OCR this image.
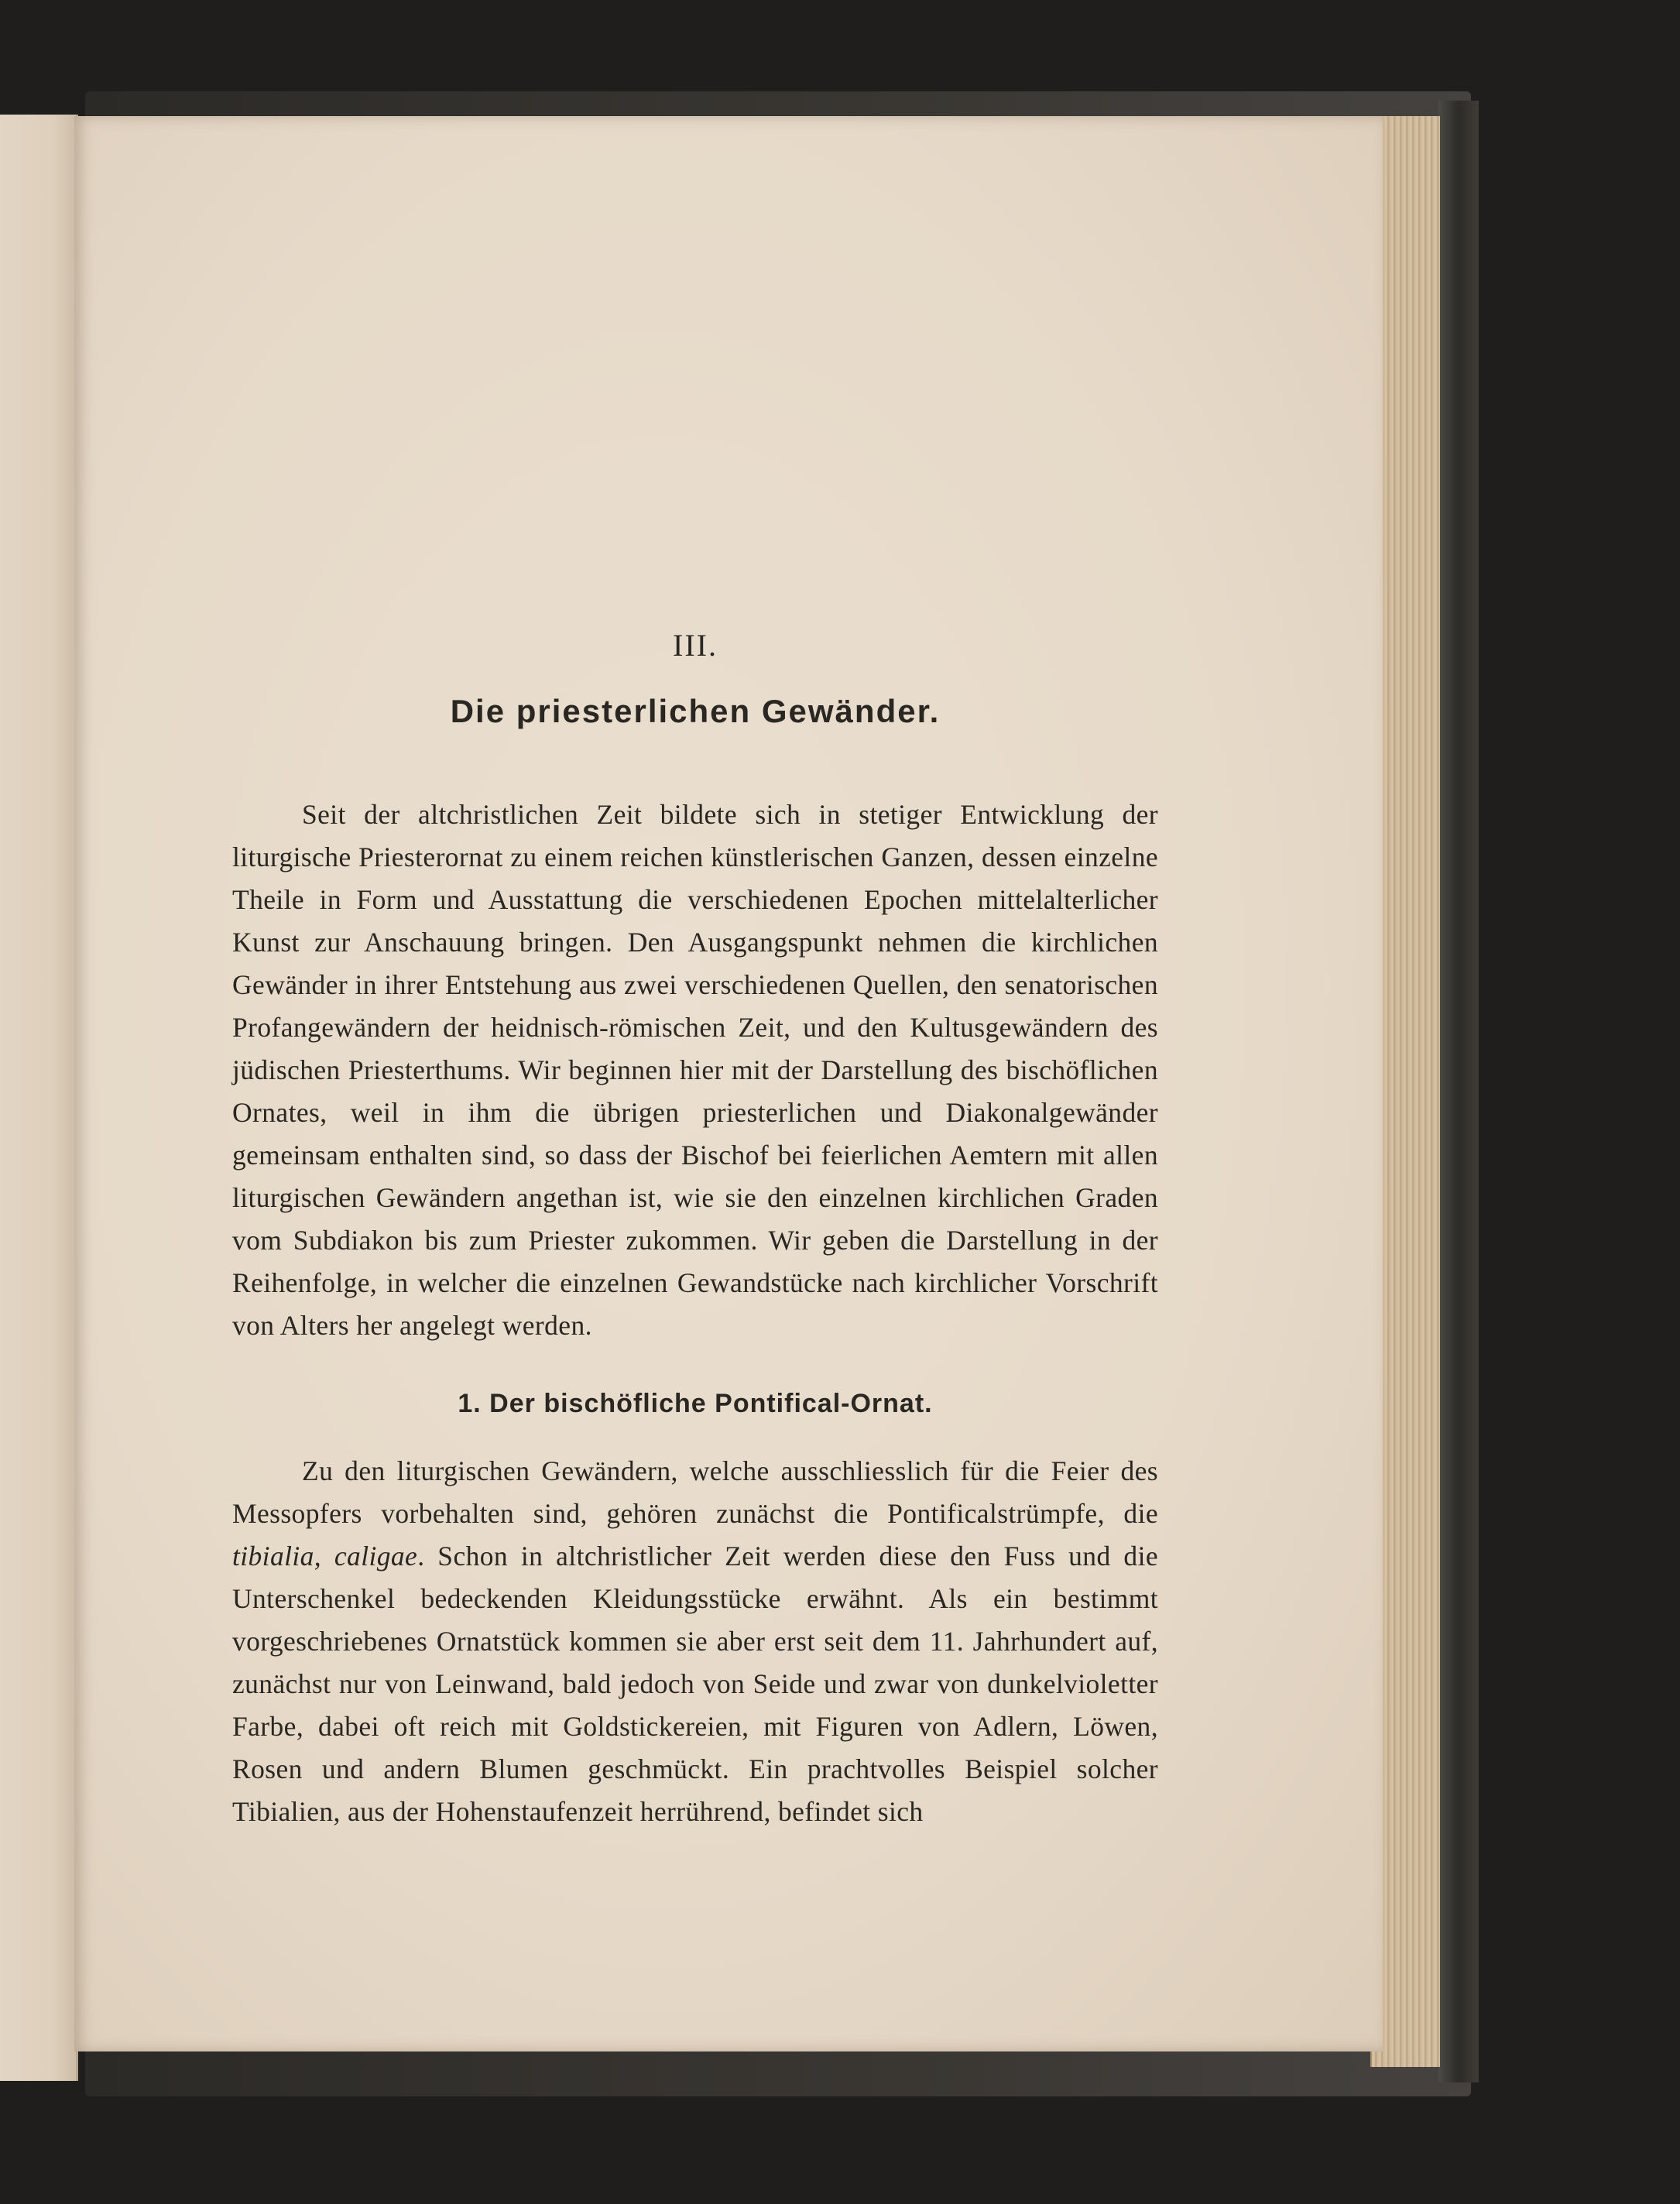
III.
Die priesterlichen Gewänder.

Seit der altchristlichen Zeit bildete sich in stetiger Entwicklung der liturgische Priesterornat zu einem reichen künstlerischen Ganzen, dessen einzelne Theile in Form und Ausstattung die verschiedenen Epochen mittelalterlicher Kunst zur Anschauung bringen. Den Ausgangspunkt nehmen die kirchlichen Gewänder in ihrer Entstehung aus zwei verschiedenen Quellen, den senatorischen Profangewändern der heidnisch-römischen Zeit, und den Kultusgewändern des jüdischen Priesterthums. Wir beginnen hier mit der Darstellung des bischöflichen Ornates, weil in ihm die übrigen priesterlichen und Diakonalgewänder gemeinsam enthalten sind, so dass der Bischof bei feierlichen Aemtern mit allen liturgischen Gewändern angethan ist, wie sie den einzelnen kirchlichen Graden vom Subdiakon bis zum Priester zukommen. Wir geben die Darstellung in der Reihenfolge, in welcher die einzelnen Gewandstücke nach kirchlicher Vorschrift von Alters her angelegt werden.

1. Der bischöfliche Pontifical-Ornat.

Zu den liturgischen Gewändern, welche ausschliesslich für die Feier des Messopfers vorbehalten sind, gehören zunächst die Pontificalstrümpfe, die tibialia, caligae. Schon in altchristlicher Zeit werden diese den Fuss und die Unterschenkel bedeckenden Kleidungsstücke erwähnt. Als ein bestimmt vorgeschriebenes Ornatstück kommen sie aber erst seit dem 11. Jahrhundert auf, zunächst nur von Leinwand, bald jedoch von Seide und zwar von dunkelvioletter Farbe, dabei oft reich mit Goldstickereien, mit Figuren von Adlern, Löwen, Rosen und andern Blumen geschmückt. Ein prachtvolles Beispiel solcher Tibialien, aus der Hohenstaufenzeit herrührend, befindet sich
